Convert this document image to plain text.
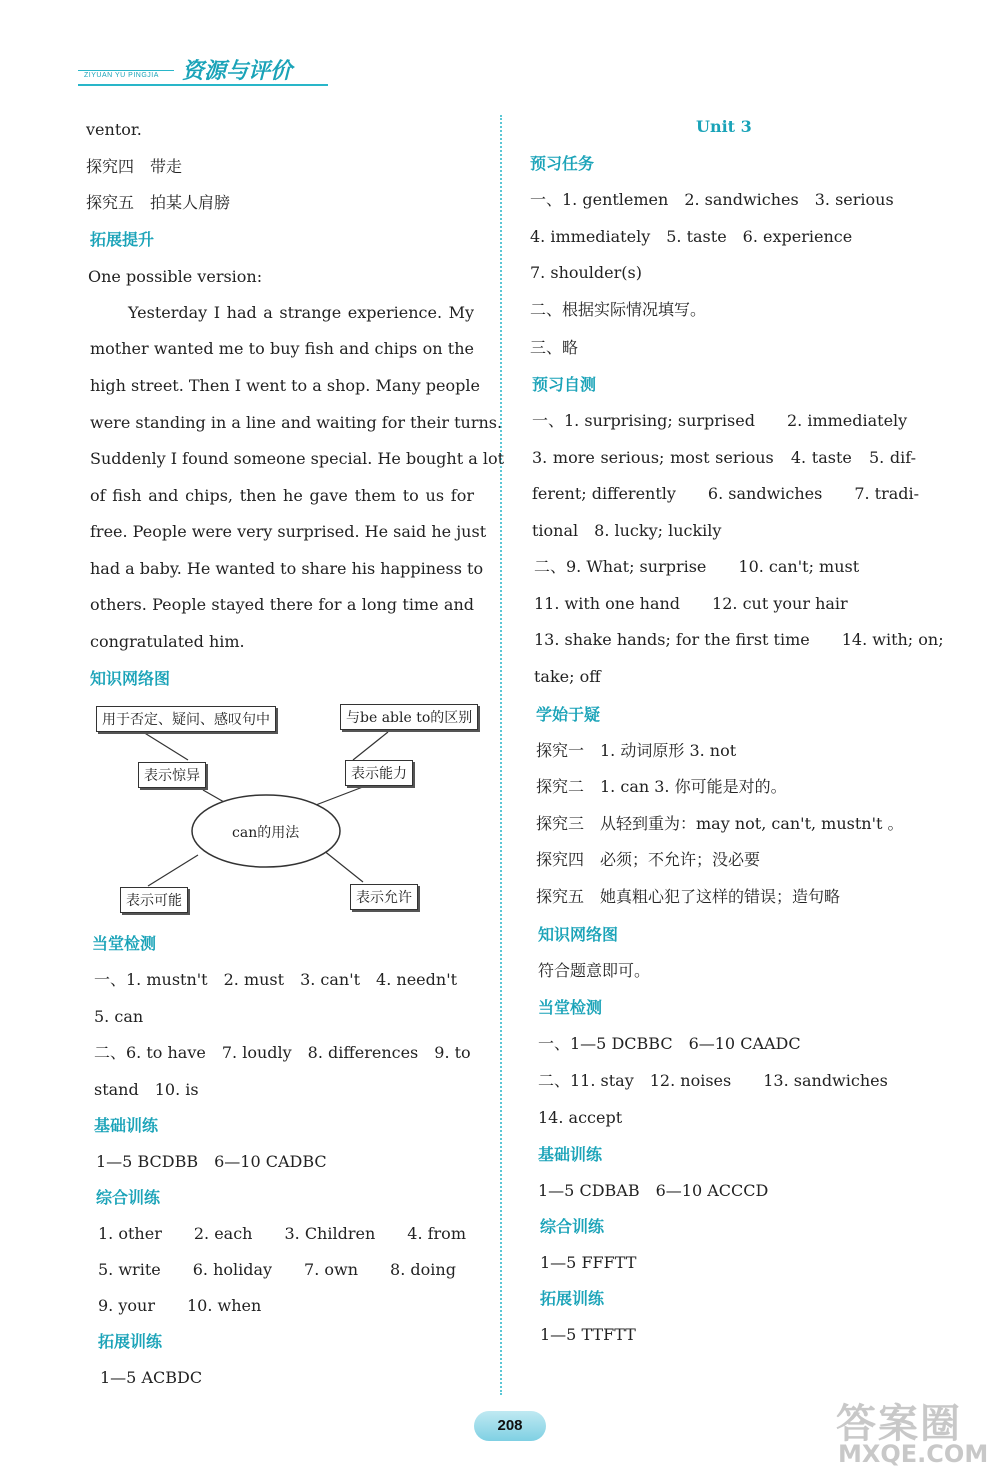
ZIYUAN YU PINGJIA 资源与评价
ventor.
探究四　带走
探究五　拍某人肩膀
拓展提升
One possible version:
Yesterday I had a strange experience. My
mother wanted me to buy fish and chips on the
high street. Then I went to a shop. Many people
were standing in a line and waiting for their turns.
Suddenly I found someone special. He bought a lot
of fish and chips, then he gave them to us for
free. People were very surprised. He said he just
had a baby. He wanted to share his happiness to
others. People stayed there for a long time and
congratulated him.
知识网络图
用于否定、疑问、感叹句中	与be able to的区别
表示惊异	表示能力
can的用法
表示可能	表示允许
当堂检测
一、1. mustn't　2. must　3. can't　4. needn't
5. can
二、6. to have　7. loudly　8. differences　9. to
stand　10. is
基础训练
1—5 BCDBB　6—10 CADBC
综合训练
1. other　　2. each　　3. Children　　4. from
5. write　　6. holiday　　7. own　　8. doing
9. your　　10. when
拓展训练
1—5 ACBDC
Unit 3
预习任务
一、1. gentlemen　2. sandwiches　3. serious
4. immediately　5. taste　6. experience
7. shoulder(s)
二、根据实际情况填写。
三、略
预习自测
一、1. surprising; surprised　　2. immediately
3. more serious; most serious　4. taste　5. dif-
ferent; differently　　6. sandwiches　　7. tradi-
tional　8. lucky; luckily
二、9. What; surprise　　10. can't; must
11. with one hand　　12. cut your hair
13. shake hands; for the first time　　14. with; on;
take; off
学始于疑
探究一　1. 动词原形 3. not
探究二　1. can 3. 你可能是对的。
探究三　从轻到重为：may not, can't, mustn't 。
探究四　必须；不允许；没必要
探究五　她真粗心犯了这样的错误；造句略
知识网络图
符合题意即可。
当堂检测
一、1—5 DCBBC　6—10 CAADC
二、11. stay　12. noises　　13. sandwiches
14. accept
基础训练
1—5 CDBAB　6—10 ACCCD
综合训练
1—5 FFFTT
拓展训练
1—5 TTFTT
208	答案圈
MXQE.COM
